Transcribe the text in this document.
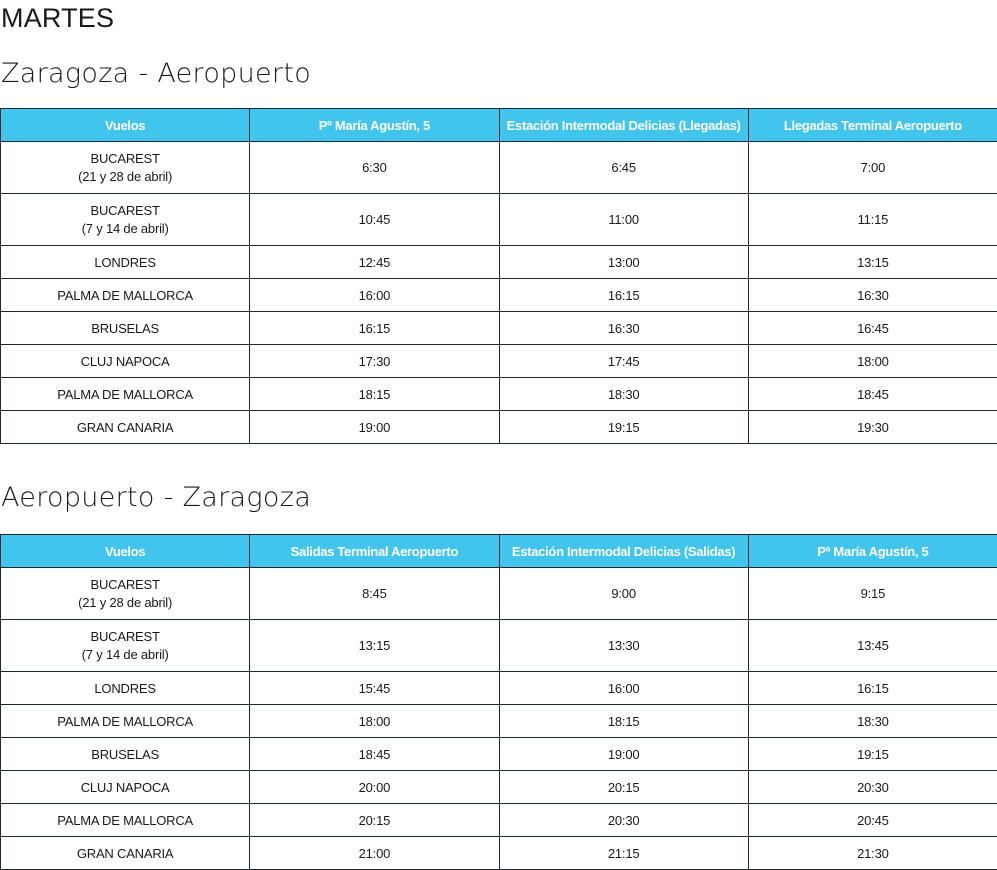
MARTES
Zaragoza - Aeropuerto
Vuelos	Pº María Agustín, 5	Estación Intermodal Delicias (Llegadas)	Llegadas Terminal Aeropuerto

BUCAREST
(21 y 28 de abril)	6:30	6:45	7:00

BUCAREST
(7 y 14 de abril)	10:45	11:00	11:15

LONDRES	12:45	13:00	13:15

PALMA DE MALLORCA	16:00	16:15	16:30

BRUSELAS	16:15	16:30	16:45

CLUJ NAPOCA	17:30	17:45	18:00

PALMA DE MALLORCA	18:15	18:30	18:45

GRAN CANARIA	19:00	19:15	19:30
Aeropuerto - Zaragoza
Vuelos	Salidas Terminal Aeropuerto	Estación Intermodal Delicias (Salidas)	Pº María Agustín, 5

BUCAREST
(21 y 28 de abril)	8:45	9:00	9:15

BUCAREST
(7 y 14 de abril)	13:15	13:30	13:45

LONDRES	15:45	16:00	16:15

PALMA DE MALLORCA	18:00	18:15	18:30

BRUSELAS	18:45	19:00	19:15

CLUJ NAPOCA	20:00	20:15	20:30

PALMA DE MALLORCA	20:15	20:30	20:45

GRAN CANARIA	21:00	21:15	21:30
